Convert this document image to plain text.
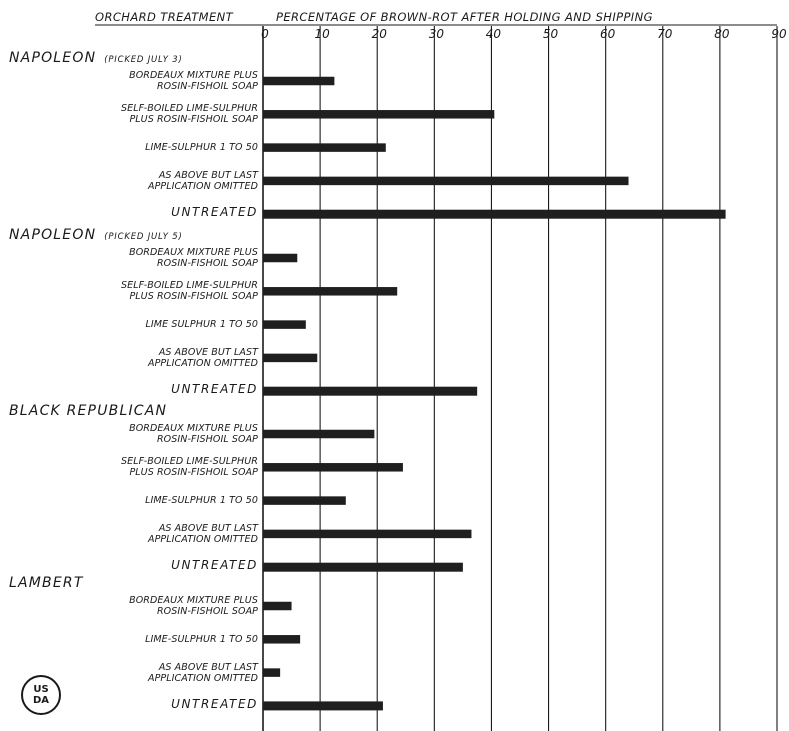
ORCHARD TREATMENT	PERCENTAGE OF BROWN-ROT AFTER HOLDING AND SHIPPING
0	10	20	30	40	50	60	70	80	90
NAPOLEON (PICKED JULY 3)
BORDEAUX MIXTURE PLUS
ROSIN-FISHOIL SOAP
SELF-BOILED LIME-SULPHUR
PLUS ROSIN-FISHOIL SOAP
LIME-SULPHUR 1 TO 50
AS ABOVE BUT LAST
APPLICATION OMITTED
UNTREATED
NAPOLEON (PICKED JULY 5)
BORDEAUX MIXTURE PLUS
ROSIN-FISHOIL SOAP
SELF-BOILED LIME-SULPHUR
PLUS ROSIN-FISHOIL SOAP
LIME SULPHUR 1 TO 50
AS ABOVE BUT LAST
APPLICATION OMITTED
UNTREATED
BLACK REPUBLICAN
BORDEAUX MIXTURE PLUS
ROSIN-FISHOIL SOAP
SELF-BOILED LIME-SULPHUR
PLUS ROSIN-FISHOIL SOAP
LIME-SULPHUR 1 TO 50
AS ABOVE BUT LAST
APPLICATION OMITTED
UNTREATED
LAMBERT
BORDEAUX MIXTURE PLUS
ROSIN-FISHOIL SOAP
LIME-SULPHUR 1 TO 50
AS ABOVE BUT LAST
APPLICATION OMITTED
UNTREATED
US
DA
